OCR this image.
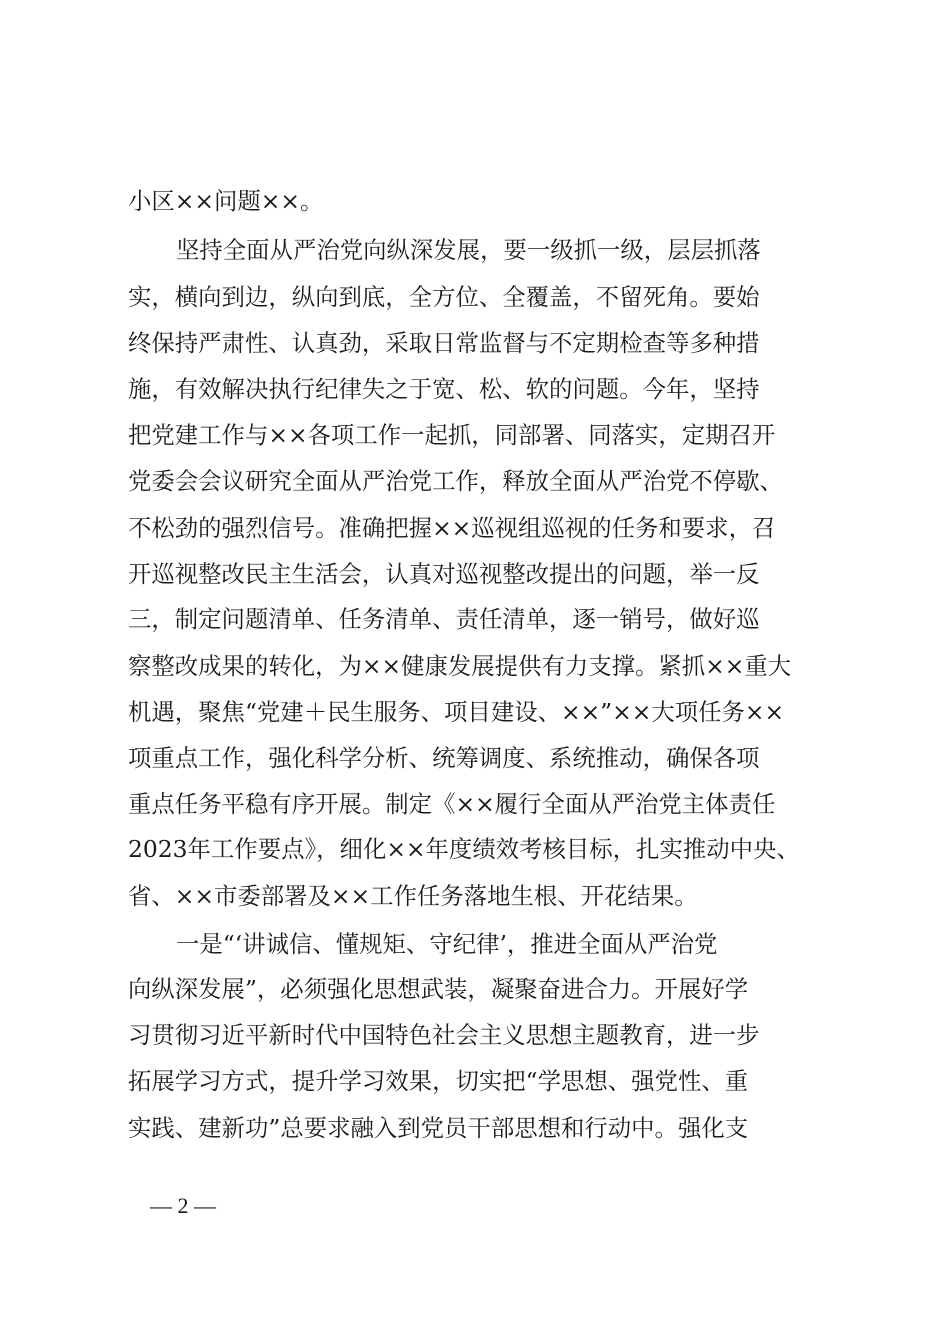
小区××问题××。
坚持全面从严治党向纵深发展，要一级抓一级，层层抓落
实，横向到边，纵向到底，全方位、全覆盖，不留死角。要始
终保持严肃性、认真劲，采取日常监督与不定期检查等多种措
施，有效解决执行纪律失之于宽、松、软的问题。今年，坚持
把党建工作与××各项工作一起抓，同部署、同落实，定期召开
党委会会议研究全面从严治党工作，释放全面从严治党不停歇、
不松劲的强烈信号。准确把握××巡视组巡视的任务和要求，召
开巡视整改民主生活会，认真对巡视整改提出的问题，举一反
三，制定问题清单、任务清单、责任清单，逐一销号，做好巡
察整改成果的转化，为××健康发展提供有力支撑。紧抓××重大
机遇，聚焦“党建＋民生服务、项目建设、××”××大项任务××
项重点工作，强化科学分析、统筹调度、系统推动，确保各项
重点任务平稳有序开展。制定《××履行全面从严治党主体责任
2023年工作要点》，细化××年度绩效考核目标，扎实推动中央、
省、××市委部署及××工作任务落地生根、开花结果。
一是“‘讲诚信、懂规矩、守纪律’，推进全面从严治党
向纵深发展”，必须强化思想武装，凝聚奋进合力。开展好学
习贯彻习近平新时代中国特色社会主义思想主题教育，进一步
拓展学习方式，提升学习效果，切实把“学思想、强党性、重
实践、建新功”总要求融入到党员干部思想和行动中。强化支
— 2 —
